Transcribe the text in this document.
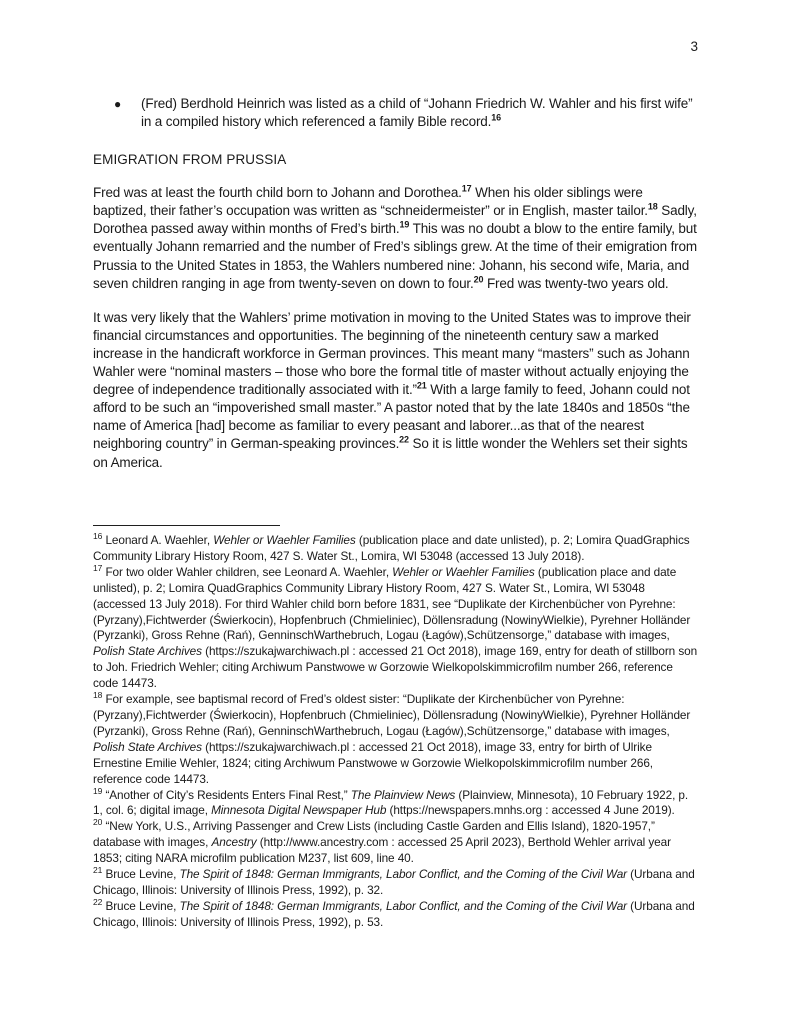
3
●	(Fred) Berdhold Heinrich was listed as a child of “Johann Friedrich W. Wahler and his first wife” in a compiled history which referenced a family Bible record.$^{16}$
EMIGRATION FROM PRUSSIA

Fred was at least the fourth child born to Johann and Dorothea.$^{17}$ When his older siblings were baptized, their father’s occupation was written as “schneidermeister” or in English, master tailor.$^{18}$ Sadly, Dorothea passed away within months of Fred’s birth.$^{19}$ This was no doubt a blow to the entire family, but eventually Johann remarried and the number of Fred’s siblings grew. At the time of their emigration from Prussia to the United States in 1853, the Wahlers numbered nine: Johann, his second wife, Maria, and seven children ranging in age from twenty-seven on down to four.$^{20}$ Fred was twenty-two years old.

It was very likely that the Wahlers’ prime motivation in moving to the United States was to improve their financial circumstances and opportunities. The beginning of the nineteenth century saw a marked increase in the handicraft workforce in German provinces. This meant many “masters” such as Johann Wahler were “nominal masters – those who bore the formal title of master without actually enjoying the degree of independence traditionally associated with it.”$^{21}$ With a large family to feed, Johann could not afford to be such an “impoverished small master.” A pastor noted that by the late 1840s and 1850s “the name of America [had] become as familiar to every peasant and laborer...as that of the nearest neighboring country” in German-speaking provinces.$^{22}$ So it is little wonder the Wehlers set their sights on America.

$^{16}$ Leonard A. Waehler, Wehler or Waehler Families (publication place and date unlisted), p. 2; Lomira QuadGraphics Community Library History Room, 427 S. Water St., Lomira, WI 53048 (accessed 13 July 2018).
$^{17}$ For two older Wahler children, see Leonard A. Waehler, Wehler or Waehler Families (publication place and date unlisted), p. 2; Lomira QuadGraphics Community Library History Room, 427 S. Water St., Lomira, WI 53048 (accessed 13 July 2018). For third Wahler child born before 1831, see “Duplikate der Kirchenbücher von Pyrehne: (Pyrzany),Fichtwerder (Świerkocin), Hopfenbruch (Chmieliniec), Döllensradung (NowinyWielkie), Pyrehner Holländer (Pyrzanki), Gross Rehne (Rań), GenninschWarthebruch, Logau (Łagów),Schützensorge,” database with images, Polish State Archives (https://szukajwarchiwach.pl : accessed 21 Oct 2018), image 169, entry for death of stillborn son to Joh. Friedrich Wehler; citing Archiwum Panstwowe w Gorzowie Wielkopolskimmicrofilm number 266, reference code 14473.
$^{18}$ For example, see baptismal record of Fred’s oldest sister: “Duplikate der Kirchenbücher von Pyrehne: (Pyrzany),Fichtwerder (Świerkocin), Hopfenbruch (Chmieliniec), Döllensradung (NowinyWielkie), Pyrehner Holländer (Pyrzanki), Gross Rehne (Rań), GenninschWarthebruch, Logau (Łagów),Schützensorge,” database with images, Polish State Archives (https://szukajwarchiwach.pl : accessed 21 Oct 2018), image 33, entry for birth of Ulrike Ernestine Emilie Wehler, 1824; citing Archiwum Panstwowe w Gorzowie Wielkopolskimmicrofilm number 266, reference code 14473.
$^{19}$ “Another of City’s Residents Enters Final Rest,” The Plainview News (Plainview, Minnesota), 10 February 1922, p. 1, col. 6; digital image, Minnesota Digital Newspaper Hub (https://newspapers.mnhs.org : accessed 4 June 2019).
$^{20}$ “New York, U.S., Arriving Passenger and Crew Lists (including Castle Garden and Ellis Island), 1820-1957,” database with images, Ancestry (http://www.ancestry.com : accessed 25 April 2023), Berthold Wehler arrival year 1853; citing NARA microfilm publication M237, list 609, line 40.
$^{21}$ Bruce Levine, The Spirit of 1848: German Immigrants, Labor Conflict, and the Coming of the Civil War (Urbana and Chicago, Illinois: University of Illinois Press, 1992), p. 32.
$^{22}$ Bruce Levine, The Spirit of 1848: German Immigrants, Labor Conflict, and the Coming of the Civil War (Urbana and Chicago, Illinois: University of Illinois Press, 1992), p. 53.
